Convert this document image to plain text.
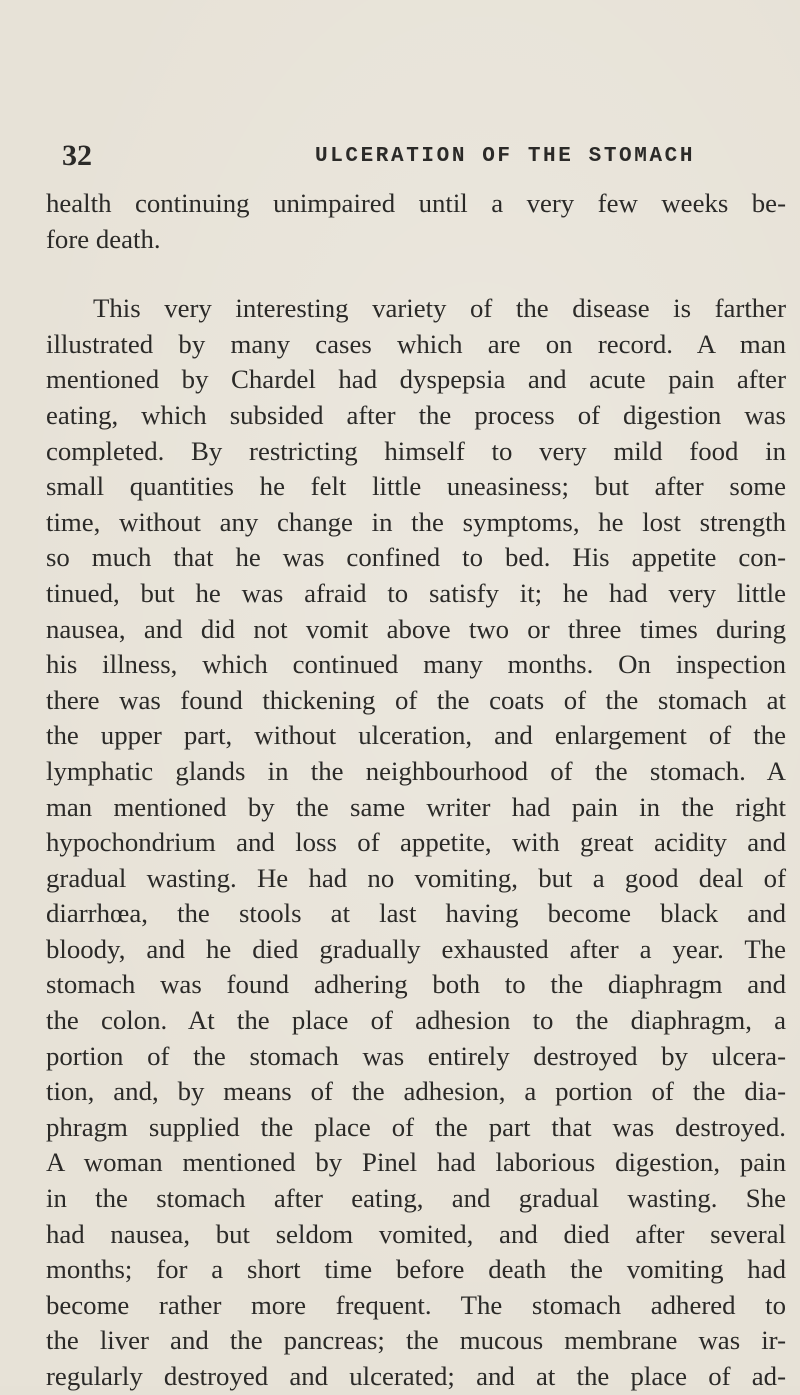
32	ULCERATION OF THE STOMACH
health continuing unimpaired until a very few weeks be-
fore death.
This very interesting variety of the disease is farther
illustrated by many cases which are on record. A man
mentioned by Chardel had dyspepsia and acute pain after
eating, which subsided after the process of digestion was
completed. By restricting himself to very mild food in
small quantities he felt little uneasiness; but after some
time, without any change in the symptoms, he lost strength
so much that he was confined to bed. His appetite con-
tinued, but he was afraid to satisfy it; he had very little
nausea, and did not vomit above two or three times during
his illness, which continued many months. On inspection
there was found thickening of the coats of the stomach at
the upper part, without ulceration, and enlargement of the
lymphatic glands in the neighbourhood of the stomach. A
man mentioned by the same writer had pain in the right
hypochondrium and loss of appetite, with great acidity and
gradual wasting. He had no vomiting, but a good deal of
diarrhœa, the stools at last having become black and
bloody, and he died gradually exhausted after a year. The
stomach was found adhering both to the diaphragm and
the colon. At the place of adhesion to the diaphragm, a
portion of the stomach was entirely destroyed by ulcera-
tion, and, by means of the adhesion, a portion of the dia-
phragm supplied the place of the part that was destroyed.
A woman mentioned by Pinel had laborious digestion, pain
in the stomach after eating, and gradual wasting. She
had nausea, but seldom vomited, and died after several
months; for a short time before death the vomiting had
become rather more frequent. The stomach adhered to
the liver and the pancreas; the mucous membrane was ir-
regularly destroyed and ulcerated; and at the place of ad-
